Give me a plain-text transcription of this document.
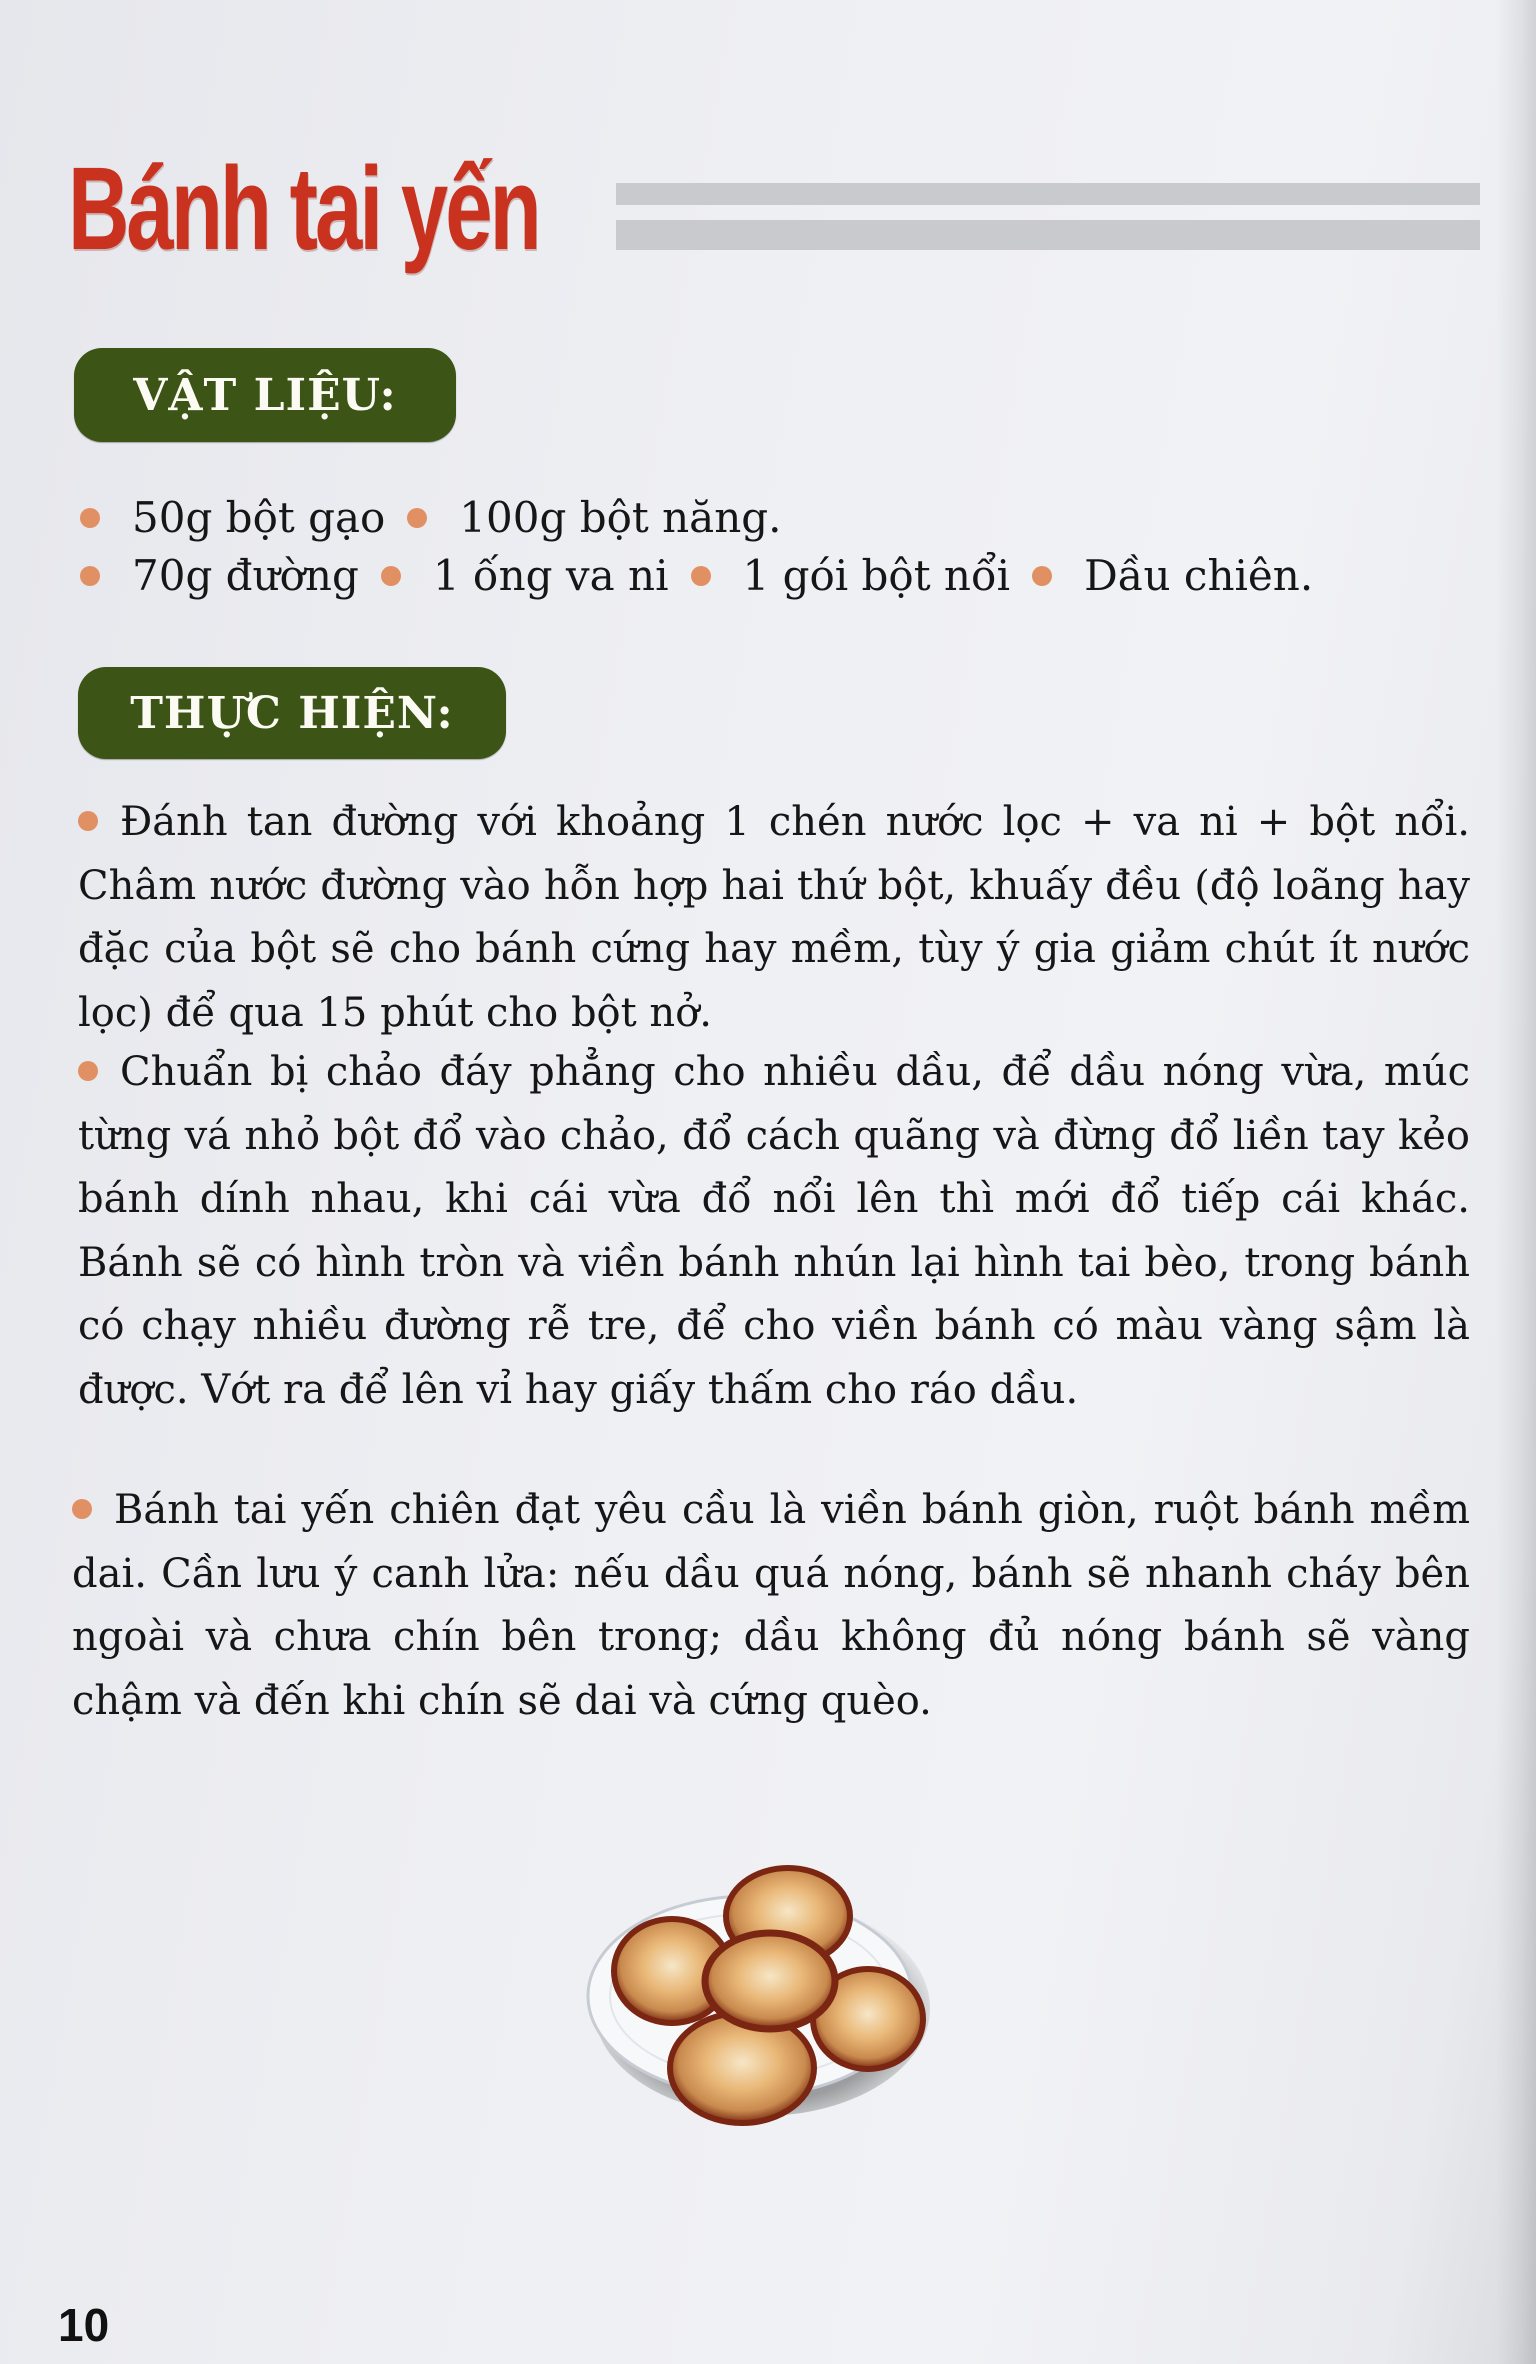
Bánh tai yến
VẬT LIỆU:
50g bột gạo 100g bột năng.
70g đường 1 ống va ni 1 gói bột nổi Dầu chiên.
THỰC HIỆN:

Đánh tan đường với khoảng 1 chén nước lọc + va ni + bột nổi. Châm nước đường vào hỗn hợp hai thứ bột, khuấy đều (độ loãng hay đặc của bột sẽ cho bánh cứng hay mềm, tùy ý gia giảm chút ít nước lọc) để qua 15 phút cho bột nở.

Chuẩn bị chảo đáy phẳng cho nhiều dầu, để dầu nóng vừa, múc từng vá nhỏ bột đổ vào chảo, đổ cách quãng và đừng đổ liền tay kẻo bánh dính nhau, khi cái vừa đổ nổi lên thì mới đổ tiếp cái khác. Bánh sẽ có hình tròn và viền bánh nhún lại hình tai bèo, trong bánh có chạy nhiều đường rễ tre, để cho viền bánh có màu vàng sậm là được. Vớt ra để lên vỉ hay giấy thấm cho ráo dầu.

Bánh tai yến chiên đạt yêu cầu là viền bánh giòn, ruột bánh mềm dai. Cần lưu ý canh lửa: nếu dầu quá nóng, bánh sẽ nhanh cháy bên ngoài và chưa chín bên trong; dầu không đủ nóng bánh sẽ vàng chậm và đến khi chín sẽ dai và cứng quèo.

10
